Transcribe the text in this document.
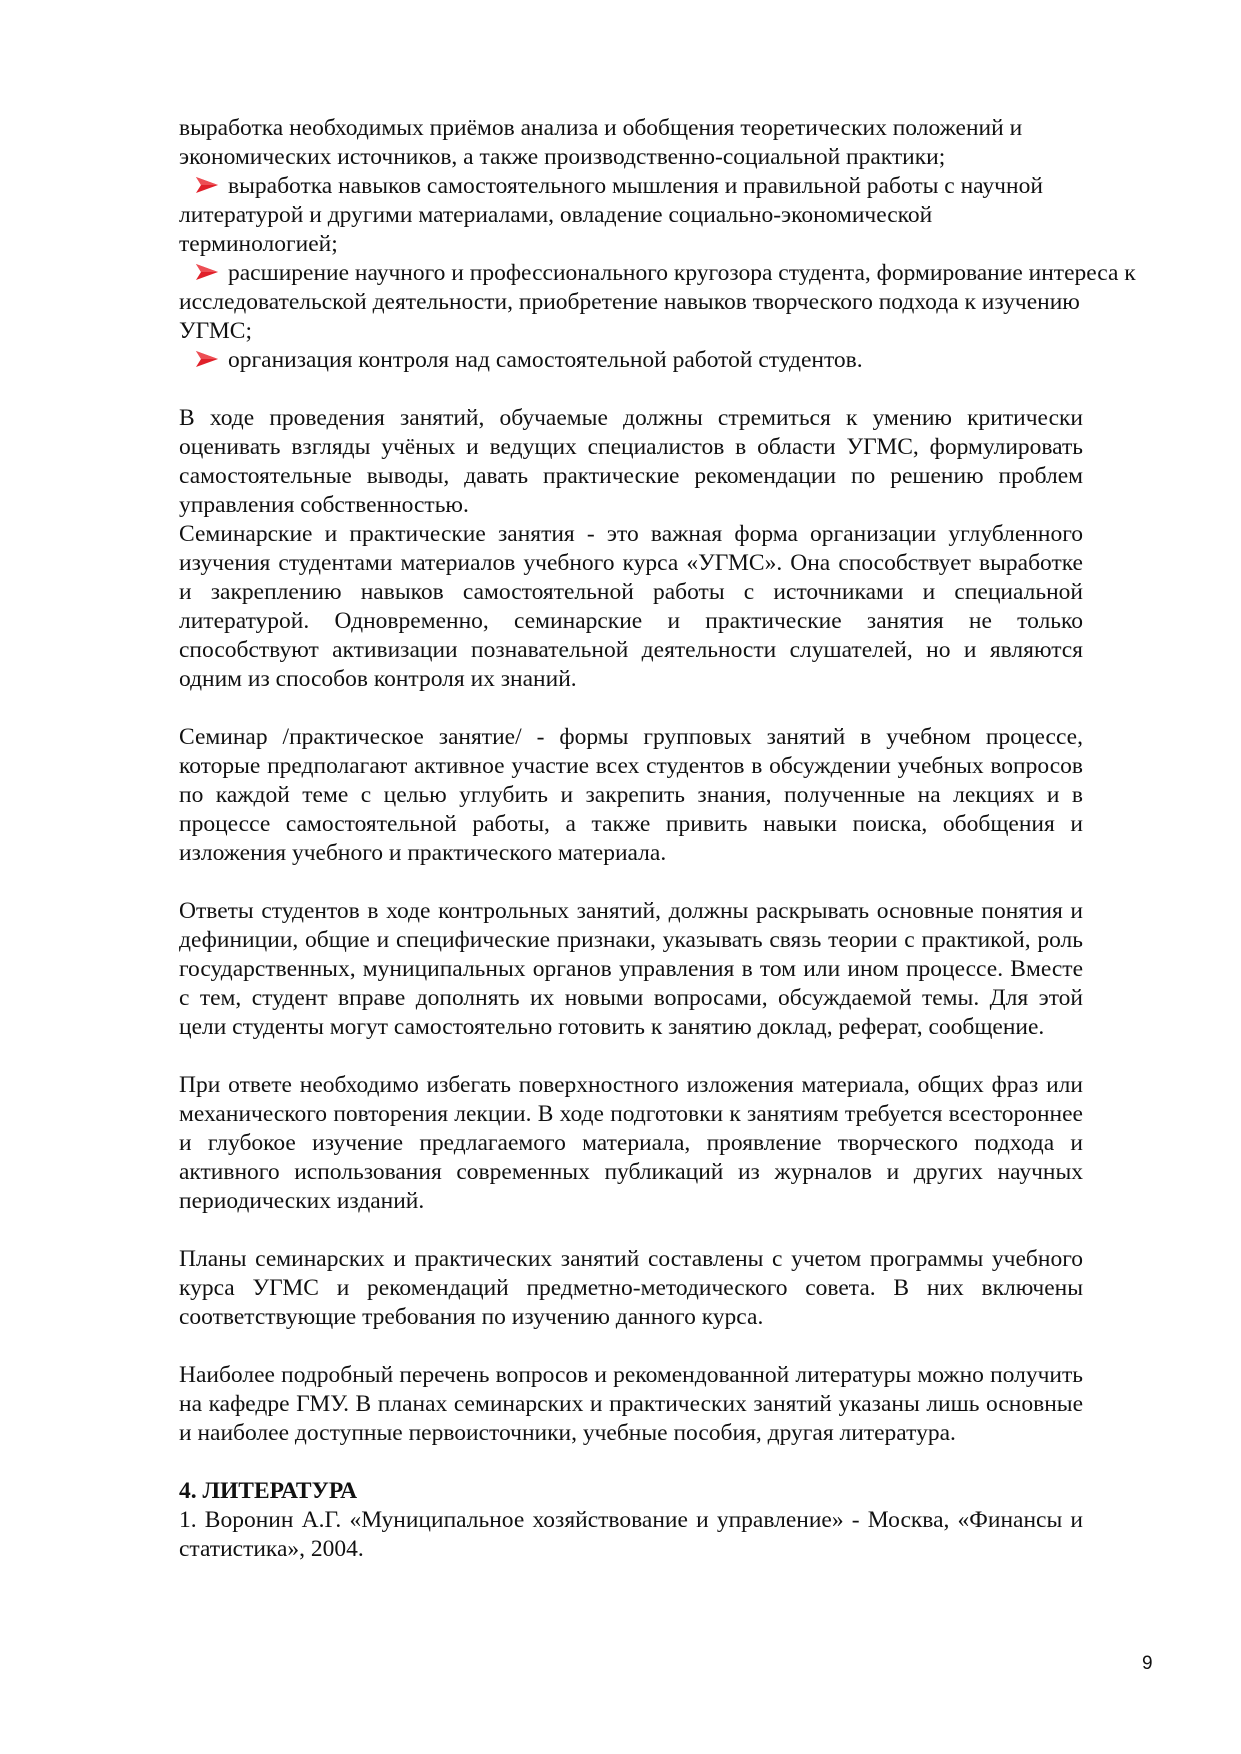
выработка необходимых приёмов анализа и обобщения теоретических положений и

экономических источников, а также производственно-социальной практики;

выработка навыков самостоятельного мышления и правильной работы с научной литературой и другими материалами, овладение социально-экономической терминологией;

расширение научного и профессионального кругозора студента, формирование интереса к исследовательской деятельности, приобретение навыков творческого подхода к изучению УГМС;

организация контроля над самостоятельной работой студентов.

В ходе проведения занятий, обучаемые должны стремиться к умению критически оценивать взгляды учёных и ведущих специалистов в области УГМС, формулировать самостоятельные выводы, давать практические рекомендации по решению проблем управления собственностью.

Семинарские и практические занятия - это важная форма организации углубленного изучения студентами материалов учебного курса «УГМС». Она способствует выработке и закреплению навыков самостоятельной работы с источниками и специальной литературой. Одновременно, семинарские и практические занятия не только способствуют активизации познавательной деятельности слушателей, но и являются одним из способов контроля их знаний.

Семинар /практическое занятие/ - формы групповых занятий в учебном процессе, которые предполагают активное участие всех студентов в обсуждении учебных вопросов по каждой теме с целью углубить и закрепить знания, полученные на лекциях и в процессе самостоятельной работы, а также привить навыки поиска, обобщения и изложения учебного и практического материала.

Ответы студентов в ходе контрольных занятий, должны раскрывать основные понятия и дефиниции, общие и специфические признаки, указывать связь теории с практикой, роль государственных, муниципальных органов управления в том или ином процессе. Вместе с тем, студент вправе дополнять их новыми вопросами, обсуждаемой темы. Для этой цели студенты могут самостоятельно готовить к занятию доклад, реферат, сообщение.

При ответе необходимо избегать поверхностного изложения материала, общих фраз или механического повторения лекции. В ходе подготовки к занятиям требуется всестороннее и глубокое изучение предлагаемого материала, проявление творческого подхода и активного использования современных публикаций из журналов и других научных периодических изданий.

Планы семинарских и практических занятий составлены с учетом программы учебного курса УГМС и рекомендаций предметно-методического совета. В них включены соответствующие требования по изучению данного курса.

Наиболее подробный перечень вопросов и рекомендованной литературы можно получить на кафедре ГМУ. В планах семинарских и практических занятий указаны лишь основные и наиболее доступные первоисточники, учебные пособия, другая литература.

4. ЛИТЕРАТУРА

1. Воронин А.Г. «Муниципальное хозяйствование и управление» - Москва, «Финансы и статистика», 2004.

9
